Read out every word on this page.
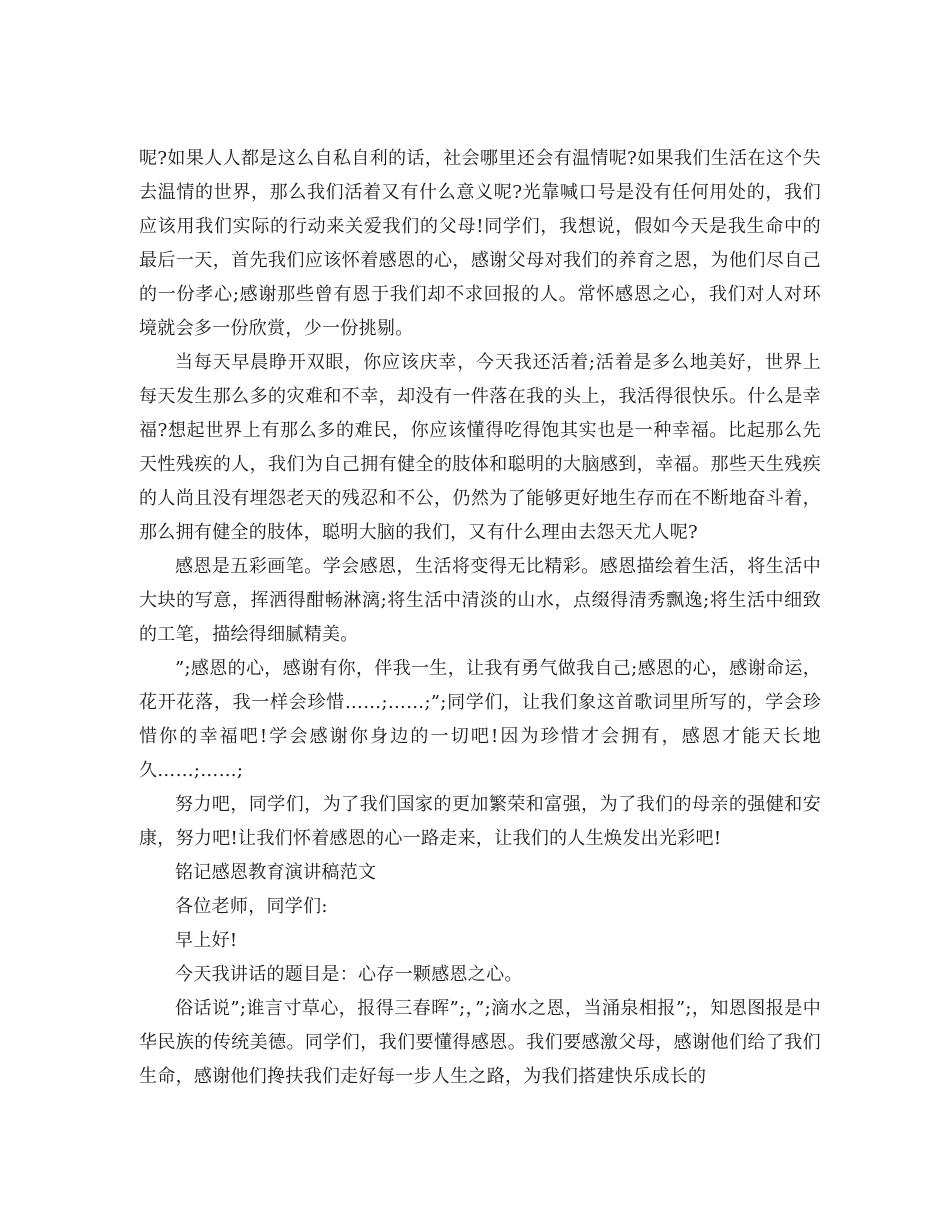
呢?如果人人都是这么自私自利的话，社会哪里还会有温情呢?如果我们生活在这个失去温情的世界，那么我们活着又有什么意义呢?光靠喊口号是没有任何用处的，我们应该用我们实际的行动来关爱我们的父母!同学们，我想说，假如今天是我生命中的最后一天，首先我们应该怀着感恩的心，感谢父母对我们的养育之恩，为他们尽自己的一份孝心;感谢那些曾有恩于我们却不求回报的人。常怀感恩之心，我们对人对环境就会多一份欣赏，少一份挑剔。

当每天早晨睁开双眼，你应该庆幸，今天我还活着;活着是多么地美好，世界上每天发生那么多的灾难和不幸，却没有一件落在我的头上，我活得很快乐。什么是幸福?想起世界上有那么多的难民，你应该懂得吃得饱其实也是一种幸福。比起那么先天性残疾的人，我们为自己拥有健全的肢体和聪明的大脑感到，幸福。那些天生残疾的人尚且没有埋怨老天的残忍和不公，仍然为了能够更好地生存而在不断地奋斗着，那么拥有健全的肢体，聪明大脑的我们，又有什么理由去怨天尤人呢?

感恩是五彩画笔。学会感恩，生活将变得无比精彩。感恩描绘着生活，将生活中大块的写意，挥洒得酣畅淋漓;将生活中清淡的山水，点缀得清秀飘逸;将生活中细致的工笔，描绘得细腻精美。

”;感恩的心，感谢有你，伴我一生，让我有勇气做我自己;感恩的心，感谢命运，花开花落，我一样会珍惜……;……;”;同学们，让我们象这首歌词里所写的，学会珍惜你的幸福吧!学会感谢你身边的一切吧!因为珍惜才会拥有，感恩才能天长地久……;……;

努力吧，同学们，为了我们国家的更加繁荣和富强，为了我们的母亲的强健和安康，努力吧!让我们怀着感恩的心一路走来，让我们的人生焕发出光彩吧!

铭记感恩教育演讲稿范文

各位老师，同学们:

早上好!

今天我讲话的题目是：心存一颗感恩之心。

俗话说”;谁言寸草心，报得三春晖”;，”;滴水之恩，当涌泉相报”;，知恩图报是中华民族的传统美德。同学们，我们要懂得感恩。我们要感激父母，感谢他们给了我们生命，感谢他们搀扶我们走好每一步人生之路，为我们搭建快乐成长的
